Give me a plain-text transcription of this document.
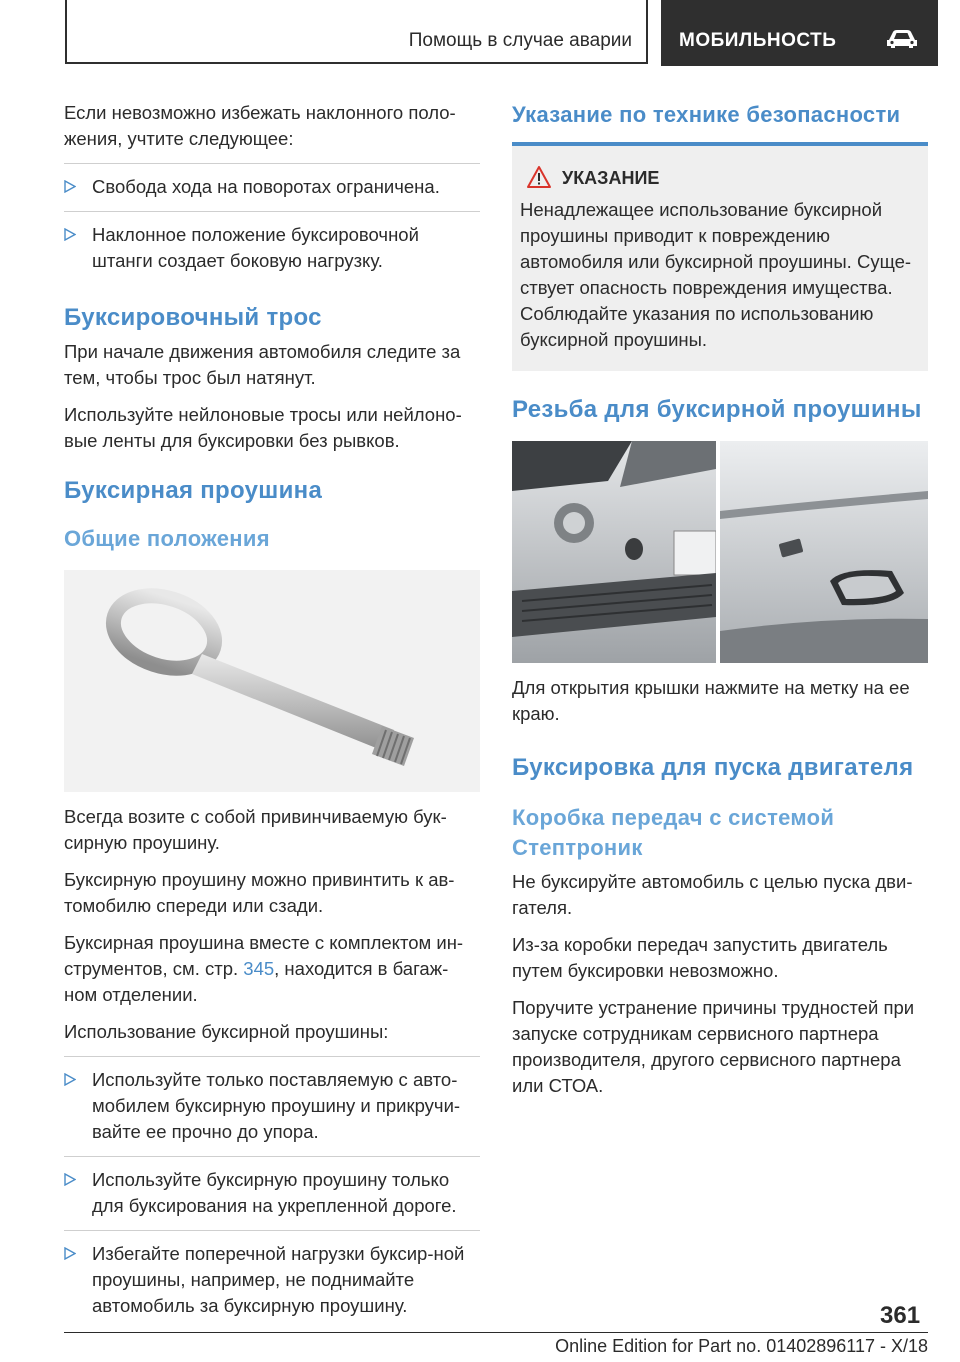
Помощь в случае аварии МОБИЛЬНОСТЬ

Если невозможно избежать наклонного поло-жения, учтите следующее:

Свобода хода на поворотах ограничена.
Наклонное положение буксировочной штанги создает боковую нагрузку.
Буксировочный трос

При начале движения автомобиля следите за тем, чтобы трос был натянут.

Используйте нейлоновые тросы или нейлоно-вые ленты для буксировки без рывков.

Буксирная проушина
Общие положения

Всегда возите с собой привинчиваемую бук-сирную проушину.

Буксирную проушину можно привинтить к ав-томобилю спереди или сзади.

Буксирная проушина вместе с комплектом ин-струментов, см. стр. 345, находится в багаж-ном отделении.

Использование буксирной проушины:

Используйте только поставляемую с авто-мобилем буксирную проушину и прикручи-вайте ее прочно до упора.
Используйте буксирную проушину только для буксирования на укрепленной дороге.
Избегайте поперечной нагрузки буксир-ной проушины, например, не поднимайте автомобиль за буксирную проушину.
Указание по технике безопасности
УКАЗАНИЕ

Ненадлежащее использование буксирной проушины приводит к повреждению автомобиля или буксирной проушины. Суще-ствует опасность повреждения имущества. Соблюдайте указания по использованию буксирной проушины.

Резьба для буксирной проушины

Для открытия крышки нажмите на метку на ее краю.

Буксировка для пуска двигателя
Коробка передач с системой Стептроник

Не буксируйте автомобиль с целью пуска дви-гателя.

Из-за коробки передач запустить двигатель путем буксировки невозможно.

Поручите устранение причины трудностей при запуске сотрудникам сервисного партнера производителя, другого сервисного партнера или СТОА.

361
Online Edition for Part no. 01402896117 - X/18
